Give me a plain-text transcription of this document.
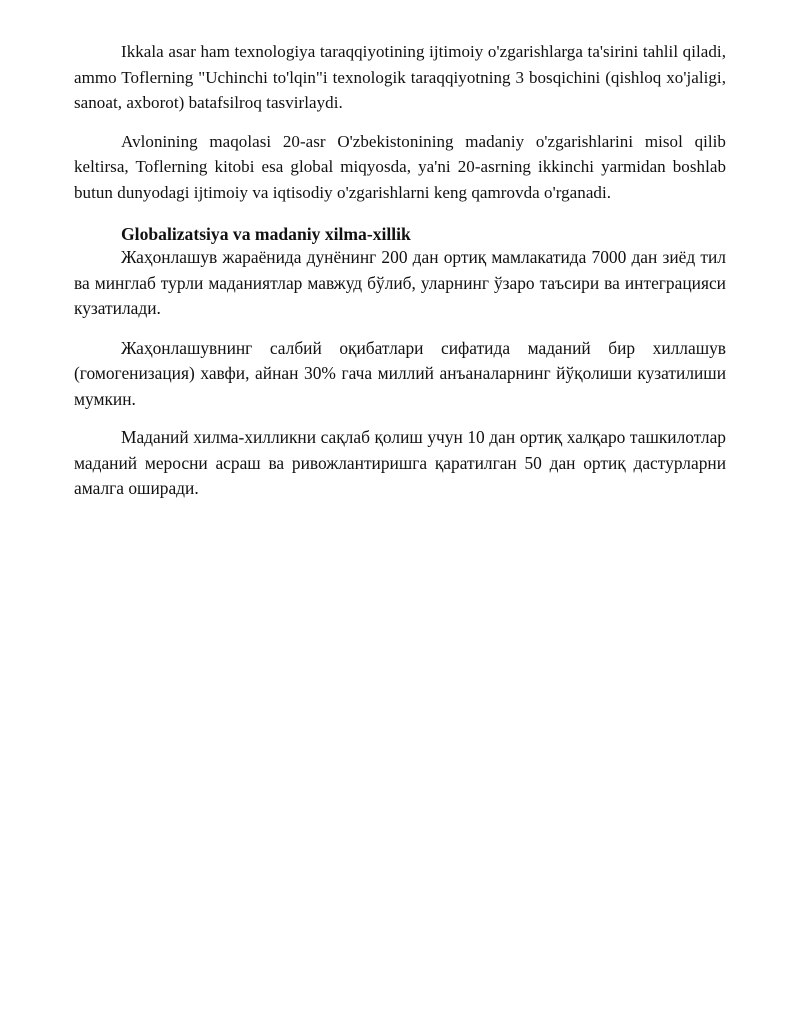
Ikkala asar ham texnologiya taraqqiyotining ijtimoiy o'zgarishlarga ta'sirini tahlil qiladi, ammo Toflerning "Uchinchi to'lqin"i texnologik taraqqiyotning 3 bosqichini (qishloq xo'jaligi, sanoat, axborot) batafsilroq tasvirlaydi.

Avlonining maqolasi 20-asr O'zbekistonining madaniy o'zgarishlarini misol qilib keltirsa, Toflerning kitobi esa global miqyosda, ya'ni 20-asrning ikkinchi yarmidan boshlab butun dunyodagi ijtimoiy va iqtisodiy o'zgarishlarni keng qamrovda o'rganadi.

Globalizatsiya va madaniy xilma-xillik

Жаҳонлашув жараёнида дунёнинг 200 дан ортиқ мамлакатида 7000 дан зиёд тил ва минглаб турли маданиятлар мавжуд бўлиб, уларнинг ўзаро таъсири ва интеграцияси кузатилади.

Жаҳонлашувнинг салбий оқибатлари сифатида маданий бир хиллашув (гомогенизация) хавфи, айнан 30% гача миллий анъаналарнинг йўқолиши кузатилиши мумкин.

Маданий хилма-хилликни сақлаб қолиш учун 10 дан ортиқ халқаро ташкилотлар маданий меросни асраш ва ривожлантиришга қаратилган 50 дан ортиқ дастурларни амалга оширади.
